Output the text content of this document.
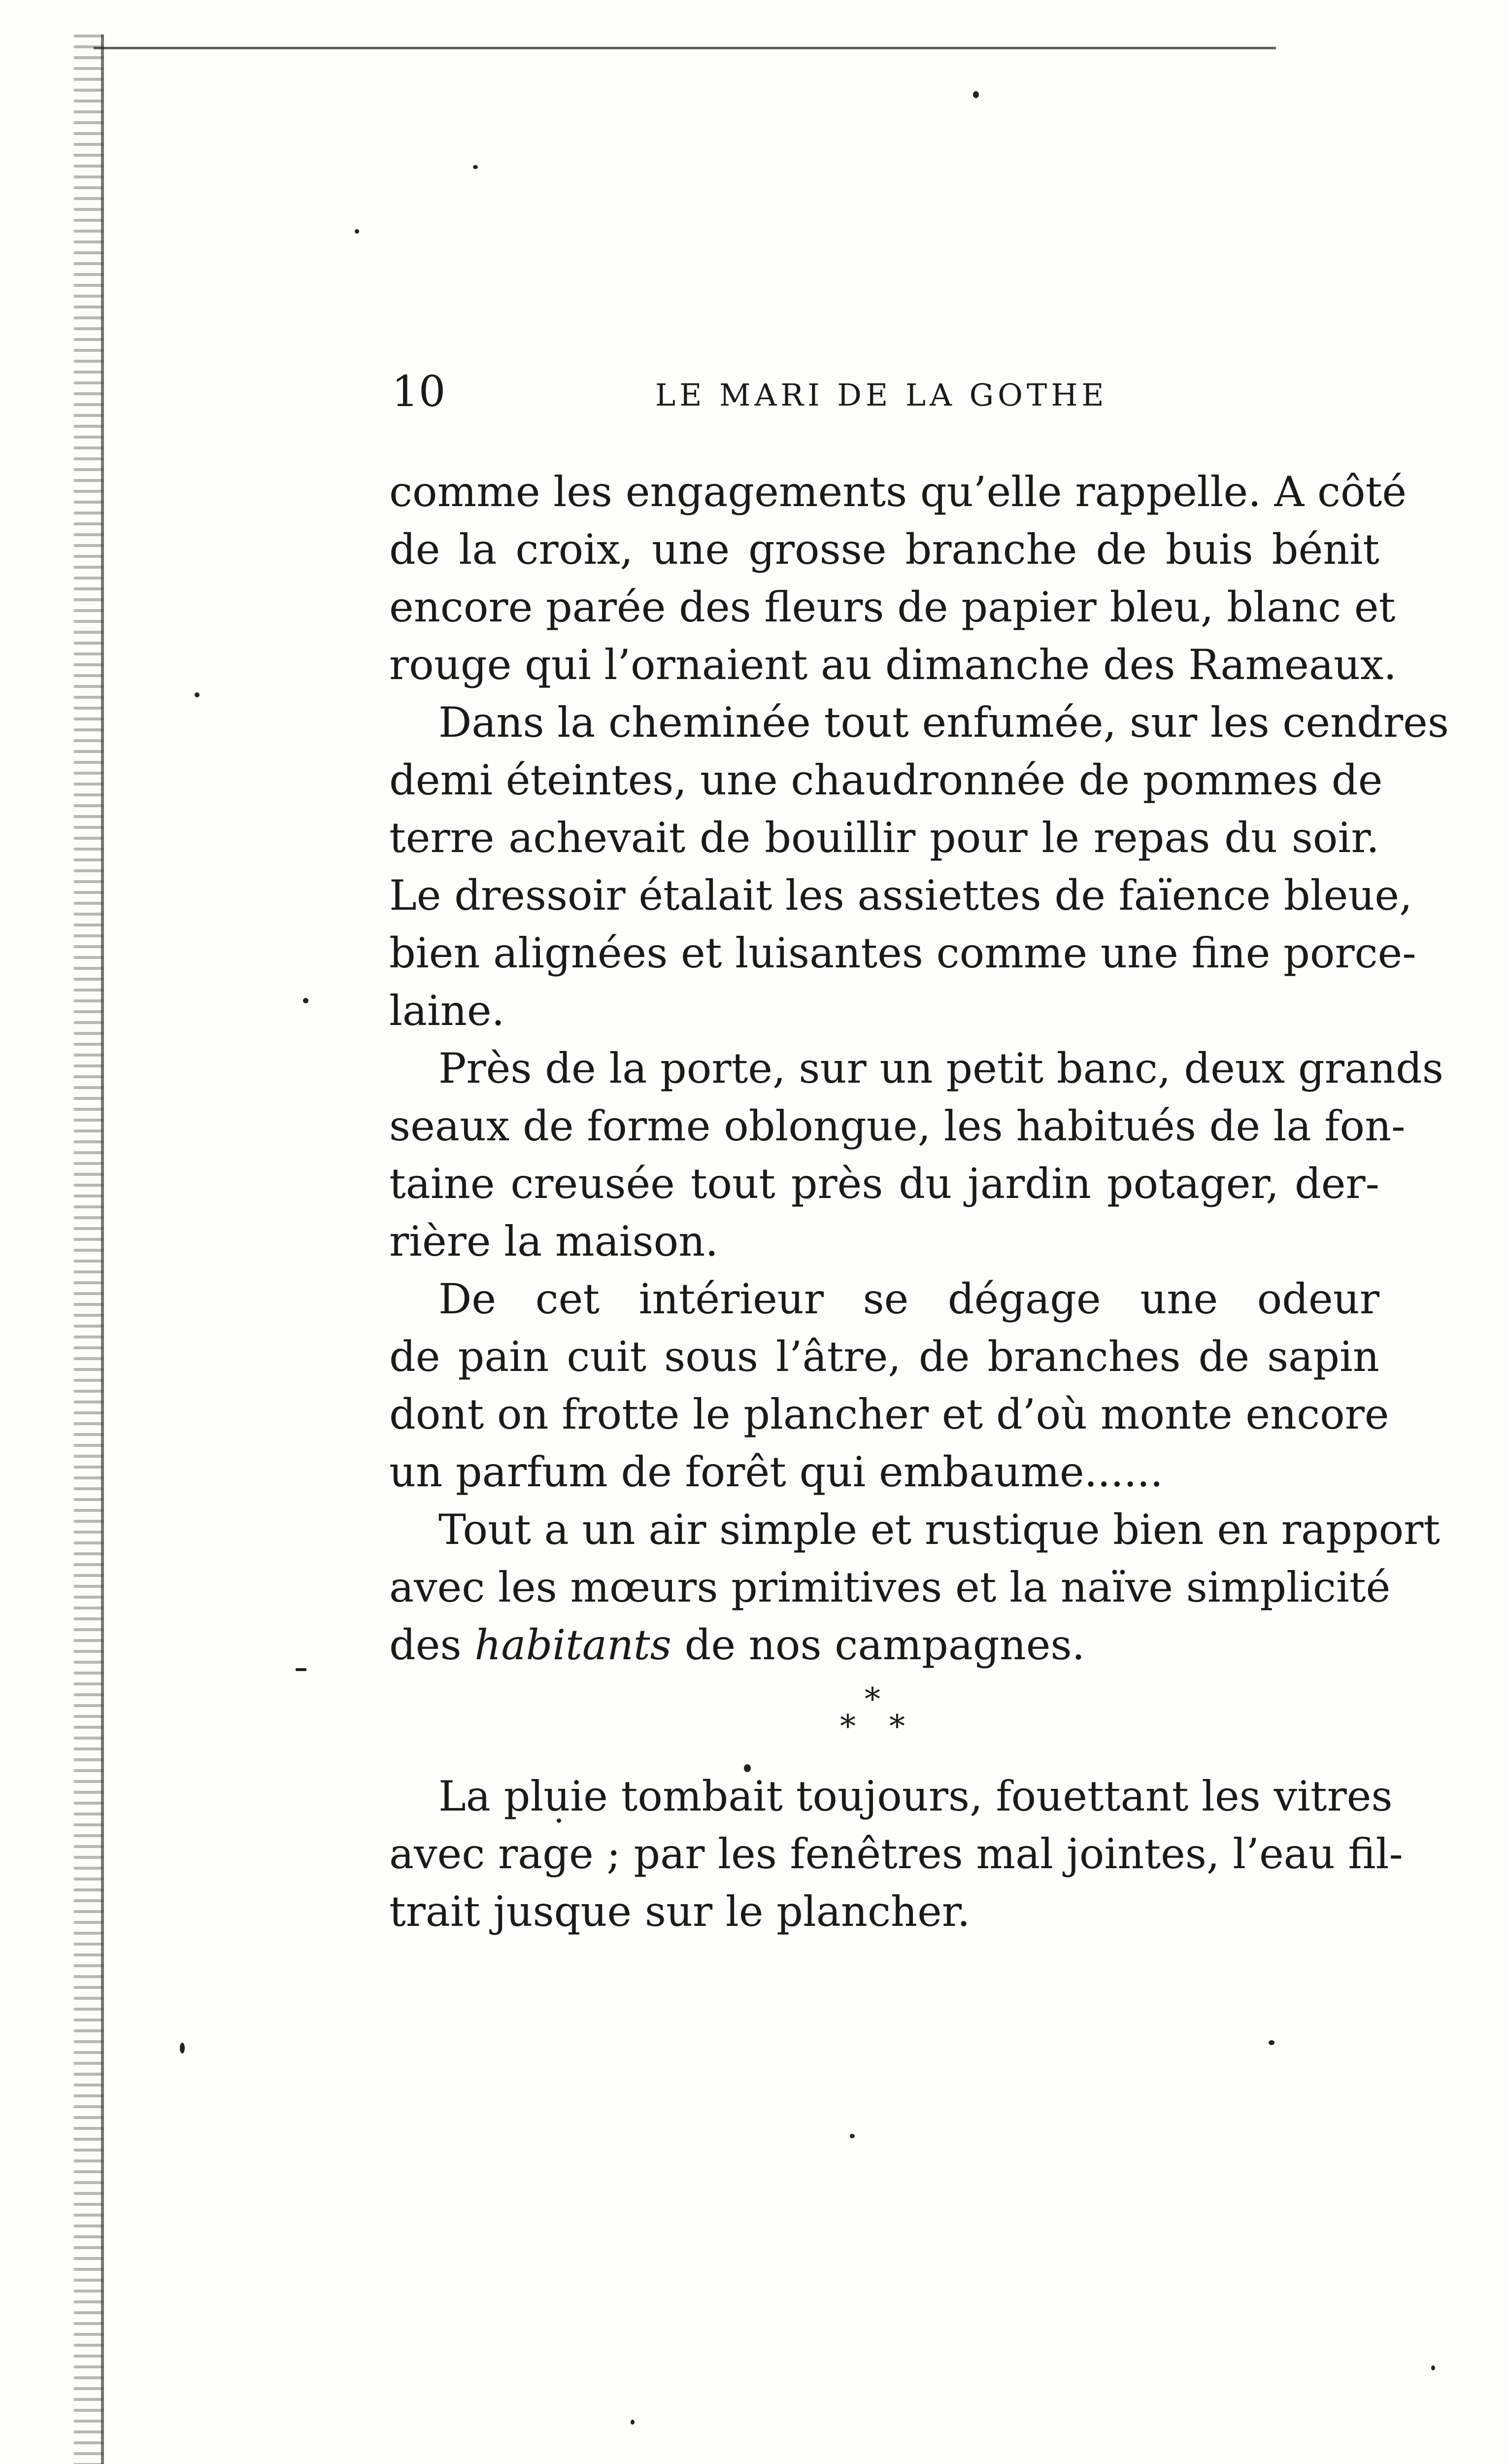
10	LE MARI DE LA GOTHE
comme les engagements qu’elle rappelle. A côté
de la croix, une grosse branche de buis bénit
encore parée des fleurs de papier bleu, blanc et
rouge qui l’ornaient au dimanche des Rameaux.
Dans la cheminée tout enfumée, sur les cendres
demi éteintes, une chaudronnée de pommes de
terre achevait de bouillir pour le repas du soir.
Le dressoir étalait les assiettes de faïence bleue,
bien alignées et luisantes comme une fine porce-
laine.
Près de la porte, sur un petit banc, deux grands
seaux de forme oblongue, les habitués de la fon-
taine creusée tout près du jardin potager, der-
rière la maison.
De cet intérieur se dégage une odeur
de pain cuit sous l’âtre, de branches de sapin
dont on frotte le plancher et d’où monte encore
un parfum de forêt qui embaume......
Tout a un air simple et rustique bien en rapport
avec les mœurs primitives et la naïve simplicité
des habitants de nos campagnes.
*
* *
La pluie tombait toujours, fouettant les vitres
avec rage ; par les fenêtres mal jointes, l’eau fil-
trait jusque sur le plancher.
